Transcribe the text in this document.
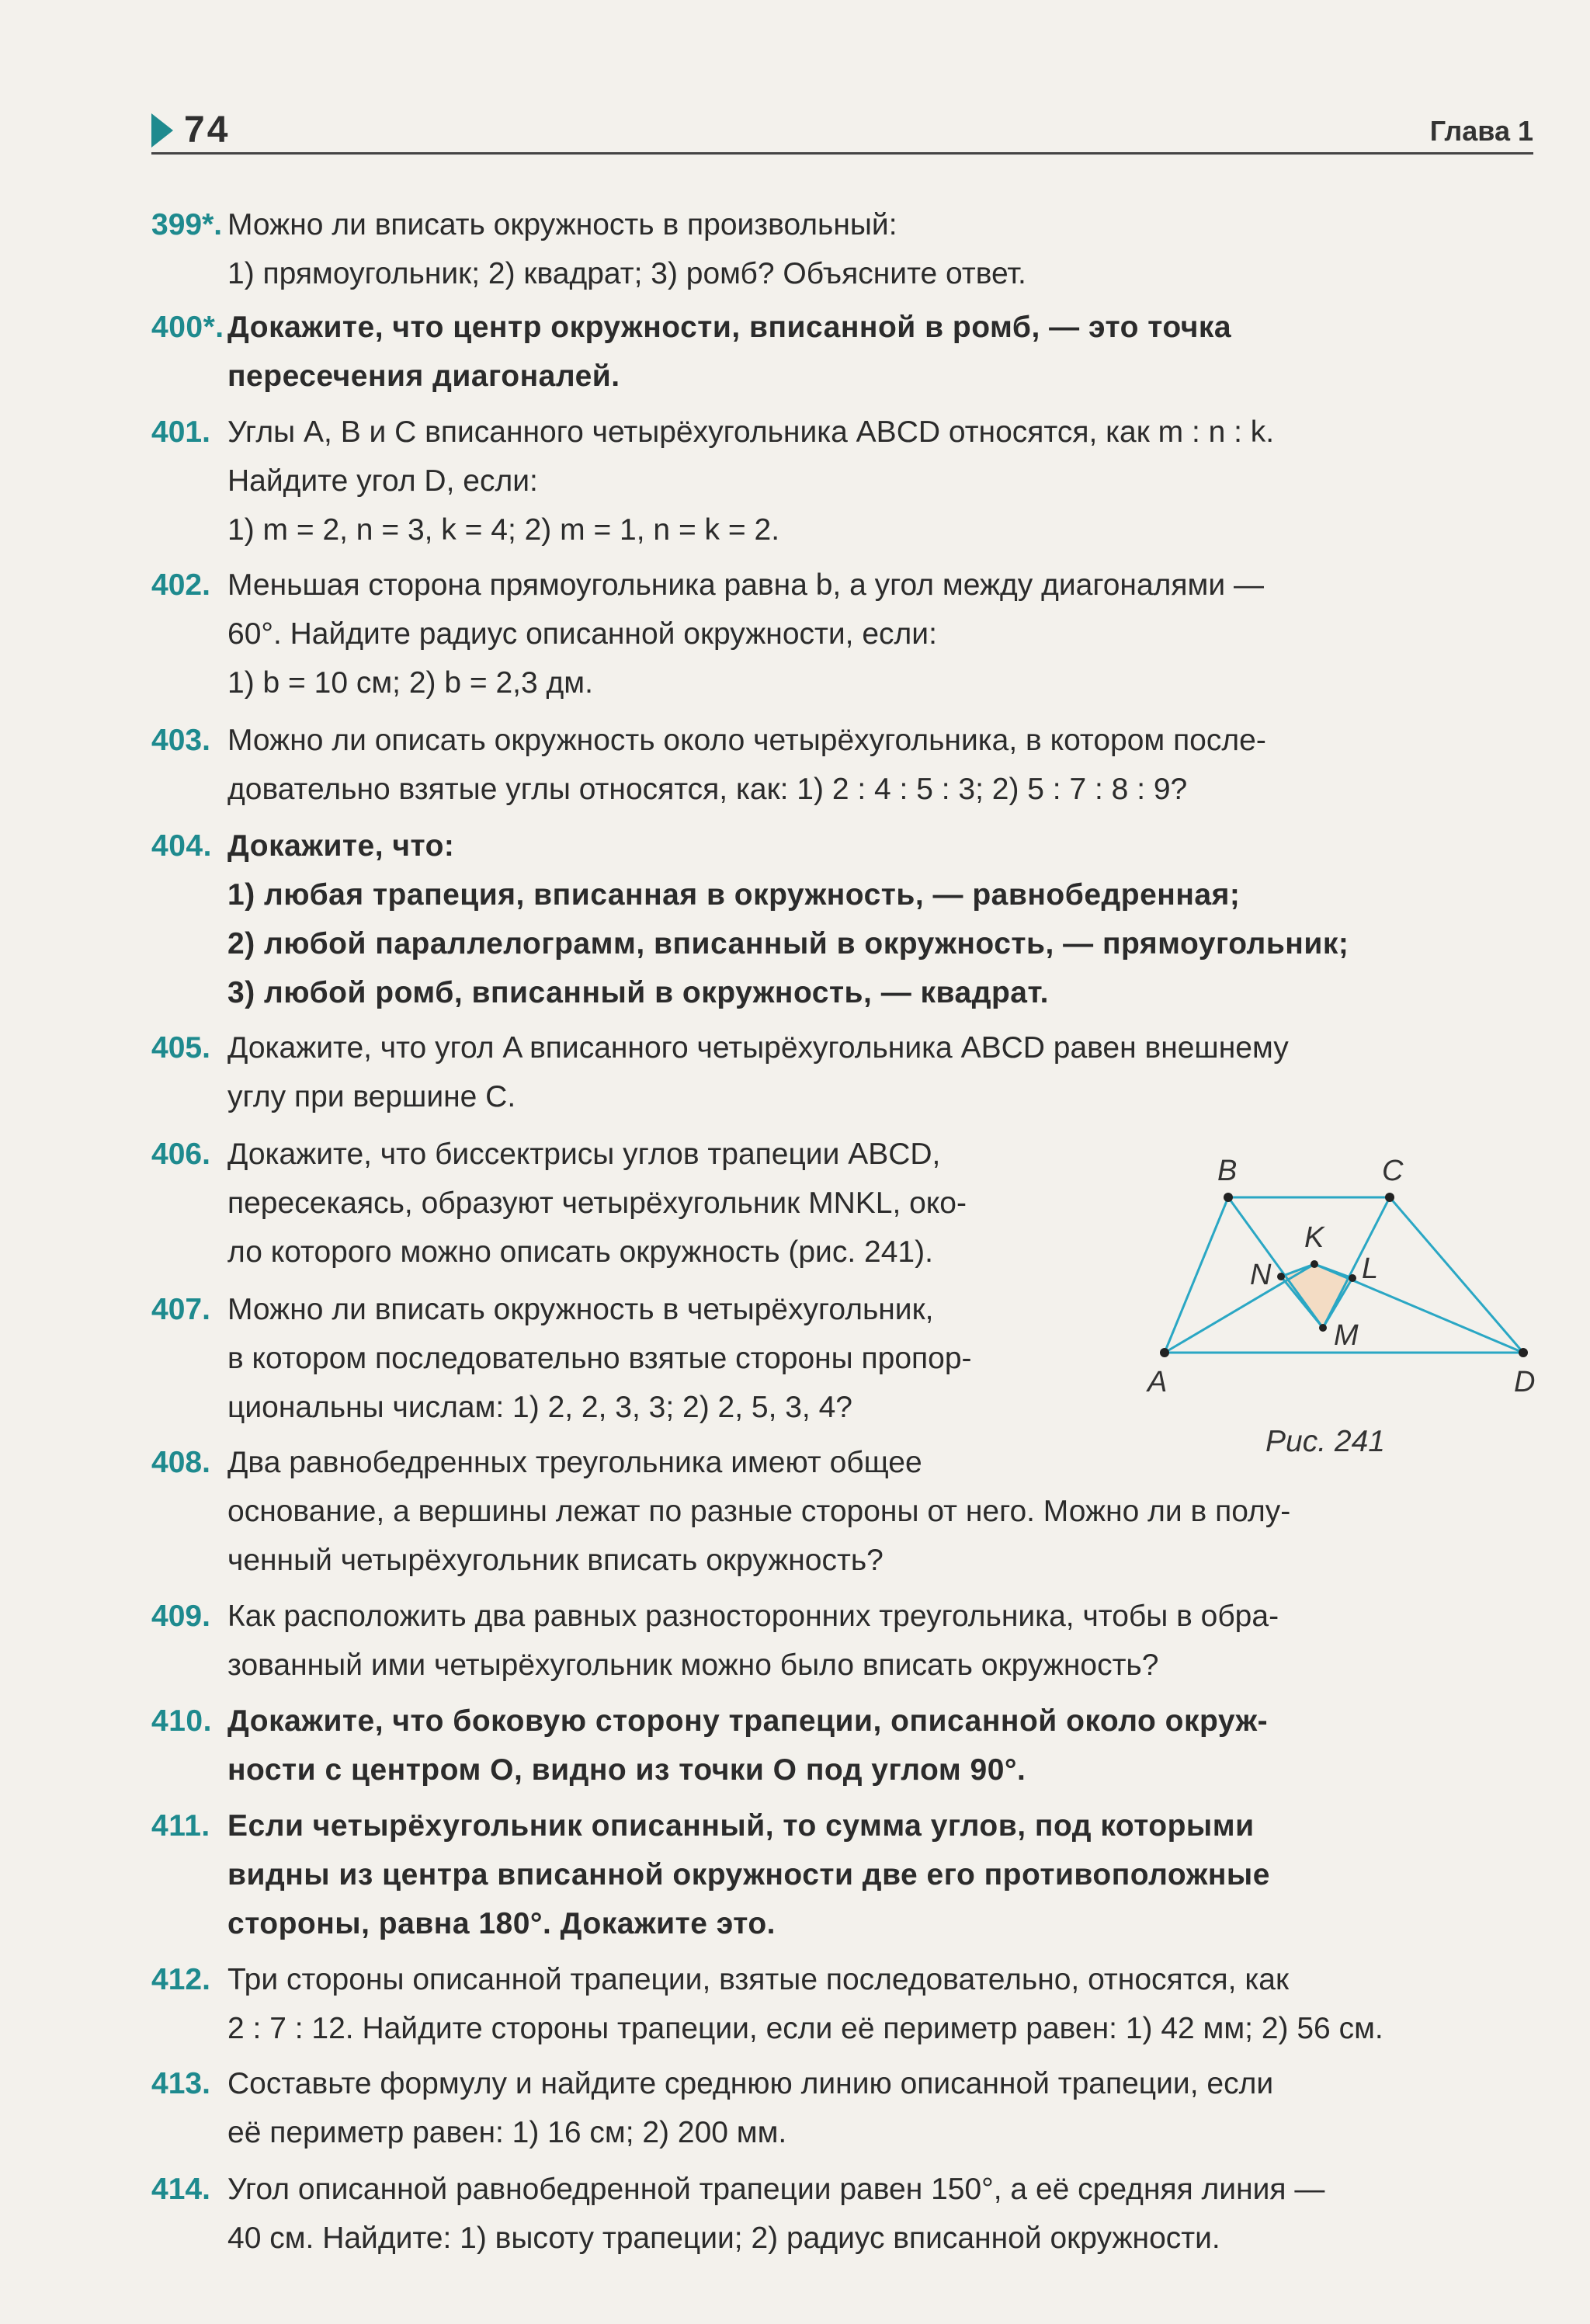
74	Глава 1
399*. Можно ли вписать окружность в произвольный:
1) прямоугольник; 2) квадрат; 3) ромб? Объясните ответ.
400*. Докажите, что центр окружности, вписанной в ромб, — это точка
пересечения диагоналей.
401. Углы A, B и C вписанного четырёхугольника ABCD относятся, как m : n : k.
Найдите угол D, если:
1) m = 2, n = 3, k = 4; 2) m = 1, n = k = 2.
402. Меньшая сторона прямоугольника равна b, а угол между диагоналями —
60°. Найдите радиус описанной окружности, если:
1) b = 10 см; 2) b = 2,3 дм.
403. Можно ли описать окружность около четырёхугольника, в котором после-
довательно взятые углы относятся, как: 1) 2 : 4 : 5 : 3; 2) 5 : 7 : 8 : 9?
404. Докажите, что:
1) любая трапеция, вписанная в окружность, — равнобедренная;
2) любой параллелограмм, вписанный в окружность, — прямоугольник;
3) любой ромб, вписанный в окружность, — квадрат.
405. Докажите, что угол A вписанного четырёхугольника ABCD равен внешнему
углу при вершине C.
406. Докажите, что биссектрисы углов трапеции ABCD,
пересекаясь, образуют четырёхугольник MNKL, око-
ло которого можно описать окружность (рис. 241).
407. Можно ли вписать окружность в четырёхугольник,
в котором последовательно взятые стороны пропор-
циональны числам: 1) 2, 2, 3, 3; 2) 2, 5, 3, 4?
408. Два равнобедренных треугольника имеют общее
основание, а вершины лежат по разные стороны от него. Можно ли в полу-
ченный четырёхугольник вписать окружность?
409. Как расположить два равных разносторонних треугольника, чтобы в обра-
зованный ими четырёхугольник можно было вписать окружность?
410. Докажите, что боковую сторону трапеции, описанной около окруж-
ности с центром O, видно из точки O под углом 90°.
411. Если четырёхугольник описанный, то сумма углов, под которыми
видны из центра вписанной окружности две его противоположные
стороны, равна 180°. Докажите это.
412. Три стороны описанной трапеции, взятые последовательно, относятся, как
2 : 7 : 12. Найдите стороны трапеции, если её периметр равен: 1) 42 мм; 2) 56 см.
413. Составьте формулу и найдите среднюю линию описанной трапеции, если
её периметр равен: 1) 16 см; 2) 200 мм.
414. Угол описанной равнобедренной трапеции равен 150°, а её средняя линия —
40 см. Найдите: 1) высоту трапеции; 2) радиус вписанной окружности.
A
B	C
D
K
L
M
N
Рис. 241
